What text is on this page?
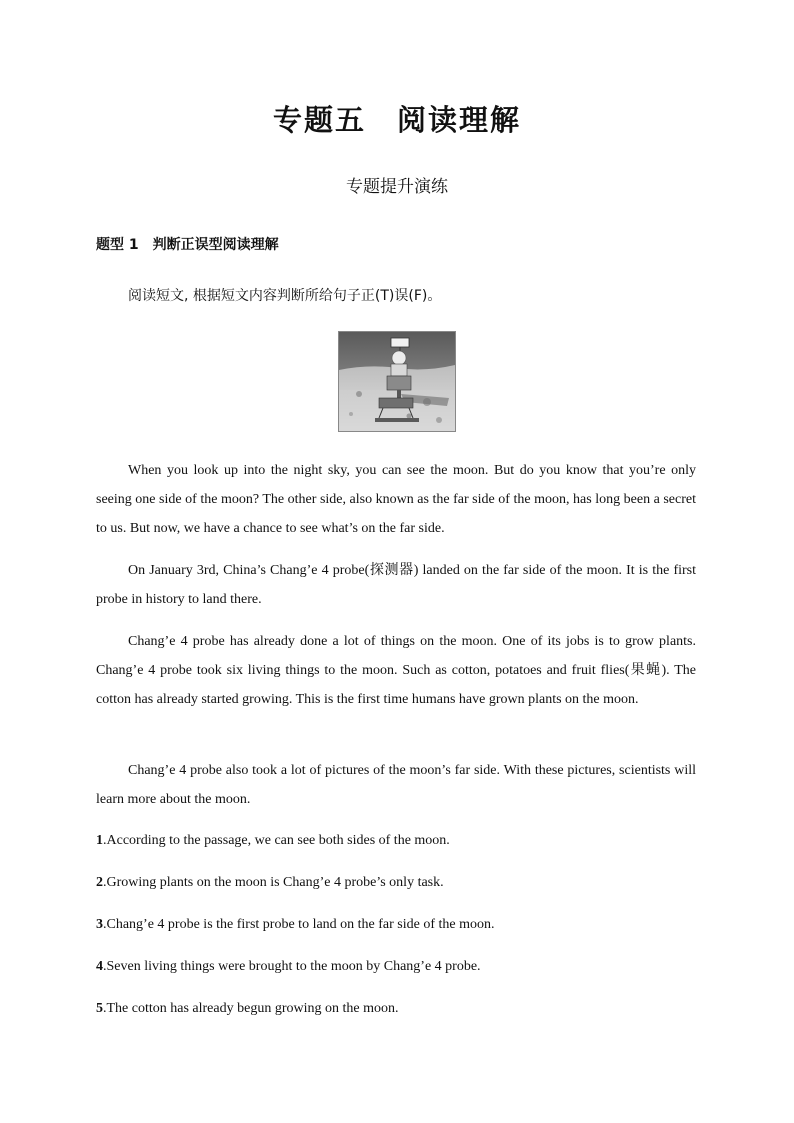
专题五　阅读理解
专题提升演练
题型 1　判断正误型阅读理解
阅读短文, 根据短文内容判断所给句子正(T)误(F)。

When you look up into the night sky, you can see the moon. But do you know that you’re only seeing one side of the moon? The other side, also known as the far side of the moon, has long been a secret to us. But now, we have a chance to see what’s on the far side.

On January 3rd, China’s Chang’e 4 probe(探测器) landed on the far side of the moon. It is the first probe in history to land there.

Chang’e 4 probe has already done a lot of things on the moon. One of its jobs is to grow plants. Chang’e 4 probe took six living things to the moon. Such as cotton, potatoes and fruit flies(果蝇). The cotton has already started growing. This is the first time humans have grown plants on the moon.

Chang’e 4 probe also took a lot of pictures of the moon’s far side. With these pictures, scientists will learn more about the moon.

1.According to the passage, we can see both sides of the moon.
2.Growing plants on the moon is Chang’e 4 probe’s only task.
3.Chang’e 4 probe is the first probe to land on the far side of the moon.
4.Seven living things were brought to the moon by Chang’e 4 probe.
5.The cotton has already begun growing on the moon.
